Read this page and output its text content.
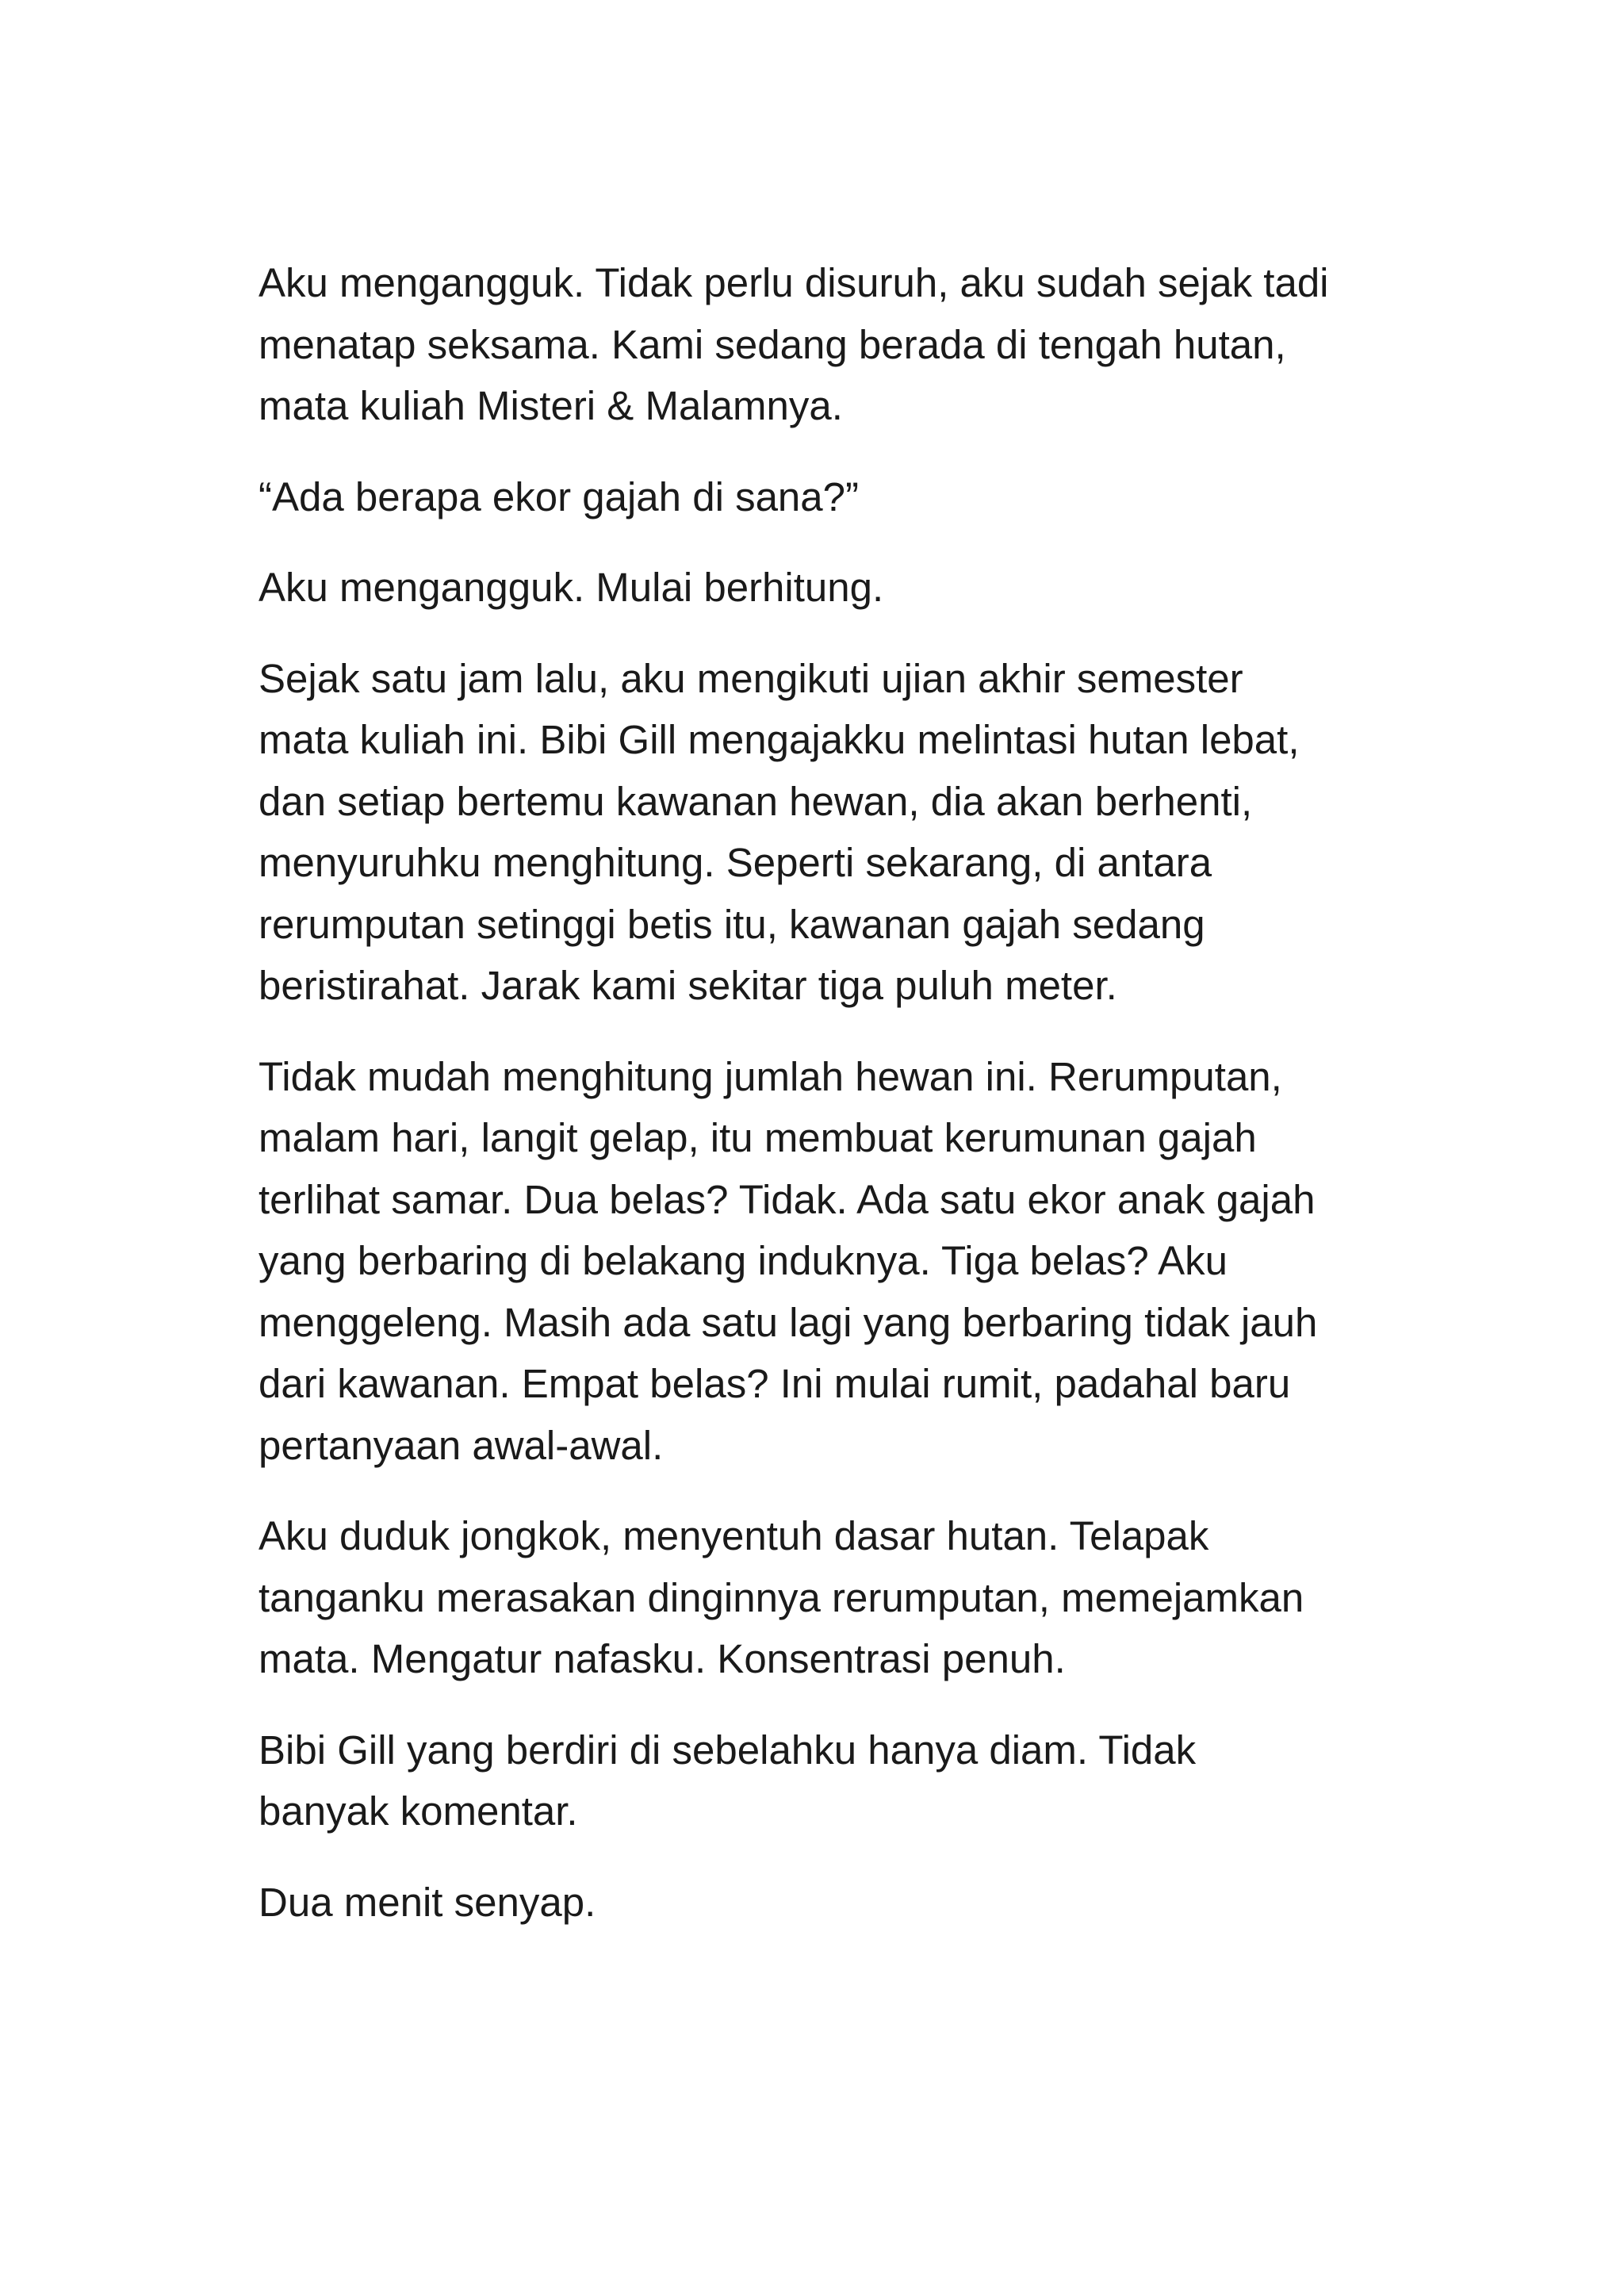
Aku mengangguk. Tidak perlu disuruh, aku sudah sejak tadi
menatap seksama. Kami sedang berada di tengah hutan,
mata kuliah Misteri & Malamnya.

“Ada berapa ekor gajah di sana?”

Aku mengangguk. Mulai berhitung.

Sejak satu jam lalu, aku mengikuti ujian akhir semester
mata kuliah ini. Bibi Gill mengajakku melintasi hutan lebat,
dan setiap bertemu kawanan hewan, dia akan berhenti,
menyuruhku menghitung. Seperti sekarang, di antara
rerumputan setinggi betis itu, kawanan gajah sedang
beristirahat. Jarak kami sekitar tiga puluh meter.

Tidak mudah menghitung jumlah hewan ini. Rerumputan,
malam hari, langit gelap, itu membuat kerumunan gajah
terlihat samar. Dua belas? Tidak. Ada satu ekor anak gajah
yang berbaring di belakang induknya. Tiga belas? Aku
menggeleng. Masih ada satu lagi yang berbaring tidak jauh
dari kawanan. Empat belas? Ini mulai rumit, padahal baru
pertanyaan awal-awal.

Aku duduk jongkok, menyentuh dasar hutan. Telapak
tanganku merasakan dinginnya rerumputan, memejamkan
mata. Mengatur nafasku. Konsentrasi penuh.

Bibi Gill yang berdiri di sebelahku hanya diam. Tidak
banyak komentar.

Dua menit senyap.
